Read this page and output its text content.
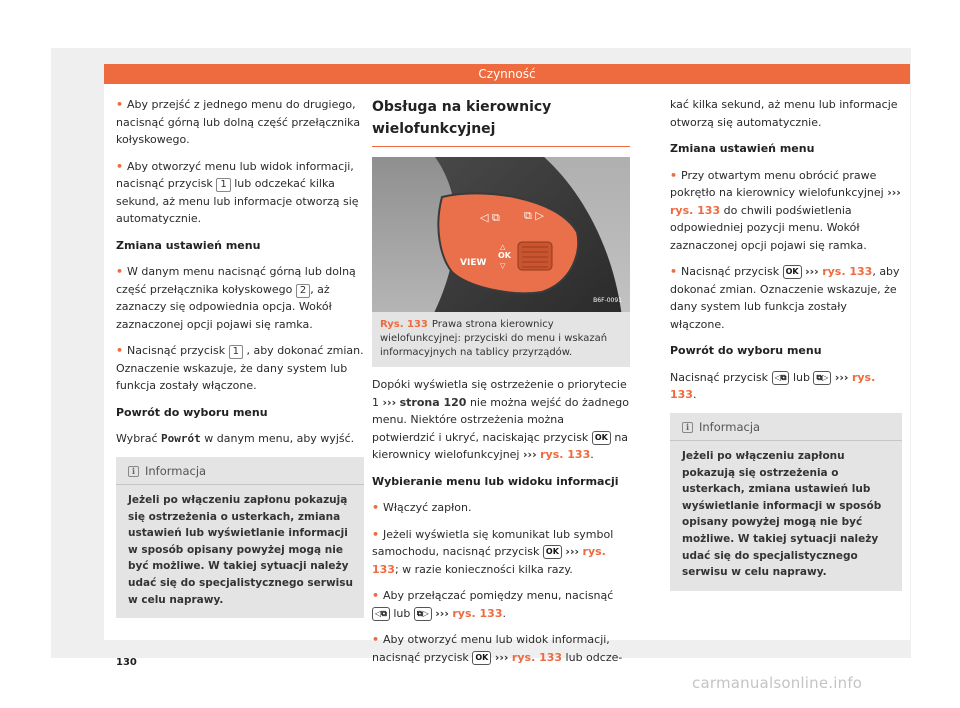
Czynność

• Aby przejść z jednego menu do drugiego, nacisnąć górną lub dolną część przełącznika kołyskowego.

• Aby otworzyć menu lub widok informacji, nacisnąć przycisk 1 lub odczekać kilka sekund, aż menu lub informacje otworzą się automatycznie.

Zmiana ustawień menu

• W danym menu nacisnąć górną lub dolną część przełącznika kołyskowego 2 , aż zaznaczy się odpowiednia opcja. Wokół zaznaczonej opcji pojawi się ramka.

• Nacisnąć przycisk 1 , aby dokonać zmian. Oznaczenie wskazuje, że dany system lub funkcja zostały włączone.

Powrót do wyboru menu

Wybrać Powrót w danym menu, aby wyjść.

i Informacja
Jeżeli po włączeniu zapłonu pokazują się ostrzeżenia o usterkach, zmiana ustawień lub wyświetlanie informacji w sposób opisany powyżej mogą nie być możliwe. W takiej sytuacji należy udać się do specjalistycznego serwisu w celu naprawy.
Obsługa na kierownicy wielofunkcyjnej
◁ ⧉ ⧉ ▷
VIEW
△
OK
▽
B6F-0091
Rys. 133 Prawa strona kierownicy wielofunkcyjnej: przyciski do menu i wskazań informacyjnych na tablicy przyrządów.

Dopóki wyświetla się ostrzeżenie o priorytecie 1 ››› strona 120 nie można wejść do żadnego menu. Niektóre ostrzeżenia można potwierdzić i ukryć, naciskając przycisk OK na kierownicy wielofunkcyjnej ››› rys. 133.

Wybieranie menu lub widoku informacji

• Włączyć zapłon.

• Jeżeli wyświetla się komunikat lub symbol samochodu, nacisnąć przycisk OK ››› rys. 133; w razie konieczności kilka razy.

• Aby przełączać pomiędzy menu, nacisnąć ◁⧉ lub ⧉▷ ››› rys. 133.

• Aby otworzyć menu lub widok informacji, nacisnąć przycisk OK ››› rys. 133 lub odcze-

kać kilka sekund, aż menu lub informacje otworzą się automatycznie.

Zmiana ustawień menu

• Przy otwartym menu obrócić prawe pokrętło na kierownicy wielofunkcyjnej ››› rys. 133 do chwili podświetlenia odpowiedniej pozycji menu. Wokół zaznaczonej opcji pojawi się ramka.

• Nacisnąć przycisk OK ››› rys. 133, aby dokonać zmian. Oznaczenie wskazuje, że dany system lub funkcja zostały włączone.

Powrót do wyboru menu

Nacisnąć przycisk ◁⧉ lub ⧉▷ ››› rys. 133.

i Informacja
Jeżeli po włączeniu zapłonu pokazują się ostrzeżenia o usterkach, zmiana ustawień lub wyświetlanie informacji w sposób opisany powyżej mogą nie być możliwe. W takiej sytuacji należy udać się do specjalistycznego serwisu w celu naprawy.
130
carmanualsonline.info
